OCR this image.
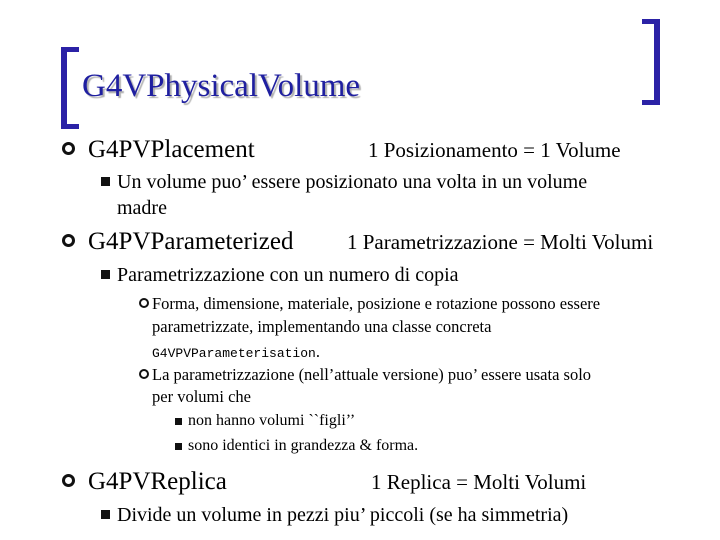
G4VPhysicalVolume
G4PVPlacement	1 Posizionamento = 1 Volume
Un volume puo’ essere posizionato una volta in un volume
madre
G4PVParameterized	1 Parametrizzazione = Molti Volumi
Parametrizzazione con un numero di copia
Forma, dimensione, materiale, posizione e rotazione possono essere
parametrizzate, implementando una classe concreta
G4VPVParameterisation.
La parametrizzazione (nell’attuale versione) puo’ essere usata solo
per volumi che
non hanno volumi ``figli’’
sono identici in grandezza & forma.
G4PVReplica	1 Replica = Molti Volumi
Divide un volume in pezzi piu’ piccoli (se ha simmetria)
